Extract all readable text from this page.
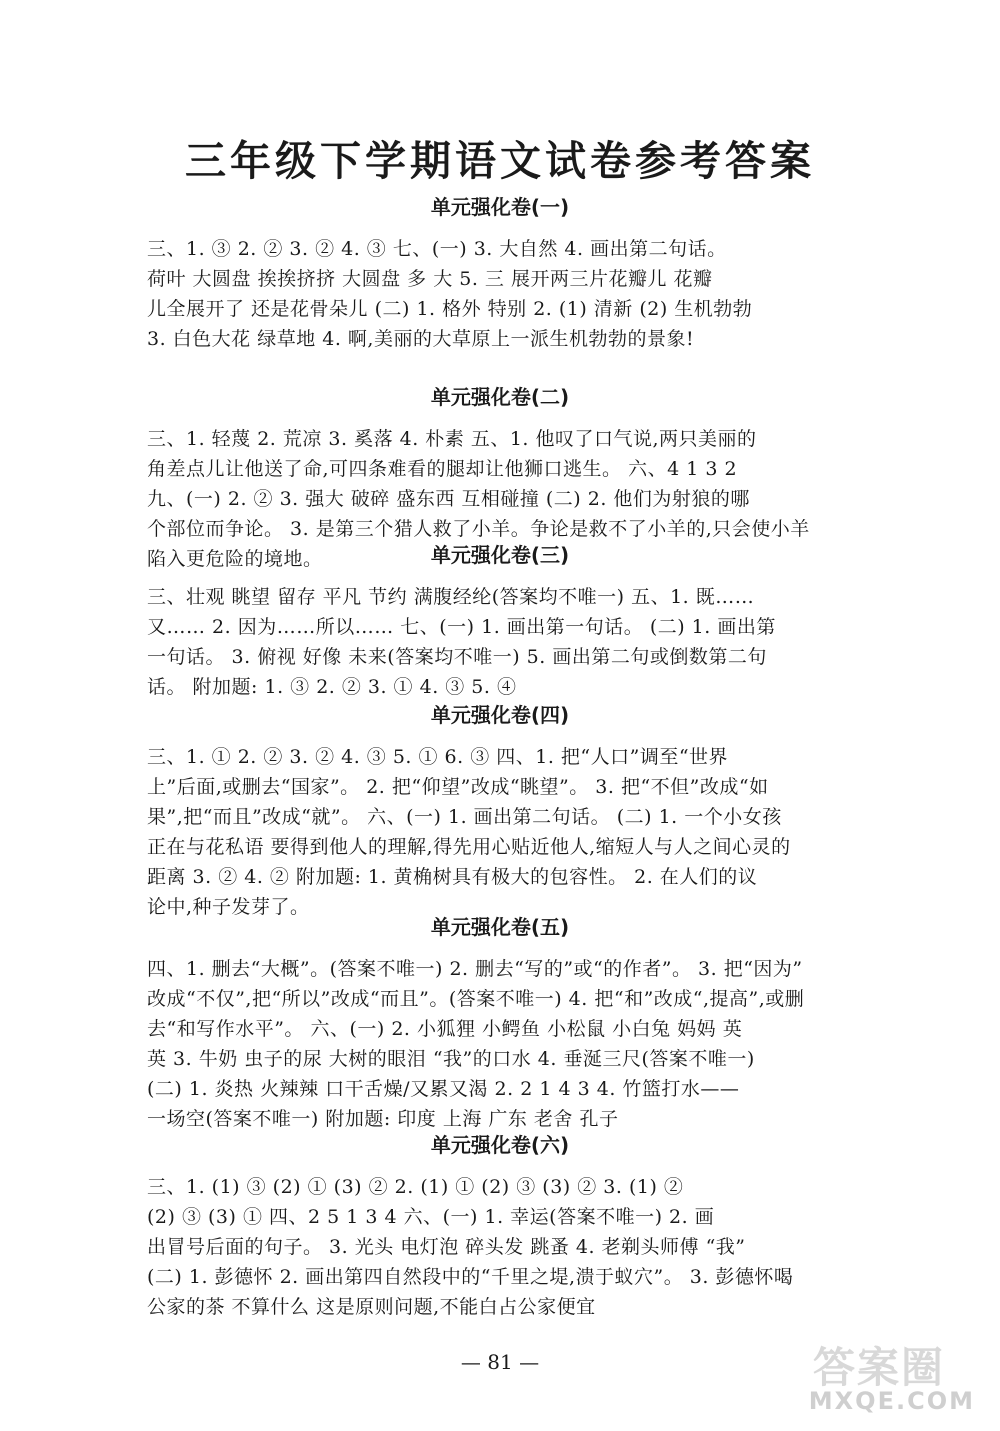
三年级下学期语文试卷参考答案
单元强化卷(一)
三、1. ③ 2. ② 3. ② 4. ③ 七、(一) 3. 大自然 4. 画出第二句话。
荷叶 大圆盘 挨挨挤挤 大圆盘 多 大 5. 三 展开两三片花瓣儿 花瓣
儿全展开了 还是花骨朵儿 (二) 1. 格外 特别 2. (1) 清新 (2) 生机勃勃
3. 白色大花 绿草地 4. 啊,美丽的大草原上一派生机勃勃的景象!
单元强化卷(二)
三、1. 轻蔑 2. 荒凉 3. 奚落 4. 朴素 五、1. 他叹了口气说,两只美丽的
角差点儿让他送了命,可四条难看的腿却让他狮口逃生。 六、4 1 3 2
九、(一) 2. ② 3. 强大 破碎 盛东西 互相碰撞 (二) 2. 他们为射狼的哪
个部位而争论。 3. 是第三个猎人救了小羊。争论是救不了小羊的,只会使小羊
陷入更危险的境地。	单元强化卷(三)
三、壮观 眺望 留存 平凡 节约 满腹经纶(答案均不唯一) 五、1. 既……
又…… 2. 因为……所以…… 七、(一) 1. 画出第一句话。 (二) 1. 画出第
一句话。 3. 俯视 好像 未来(答案均不唯一) 5. 画出第二句或倒数第二句
话。 附加题: 1. ③ 2. ② 3. ① 4. ③ 5. ④
单元强化卷(四)
三、1. ① 2. ② 3. ② 4. ③ 5. ① 6. ③ 四、1. 把“人口”调至“世界
上”后面,或删去“国家”。 2. 把“仰望”改成“眺望”。 3. 把“不但”改成“如
果”,把“而且”改成“就”。 六、(一) 1. 画出第二句话。 (二) 1. 一个小女孩
正在与花私语 要得到他人的理解,得先用心贴近他人,缩短人与人之间心灵的
距离 3. ② 4. ② 附加题: 1. 黄桷树具有极大的包容性。 2. 在人们的议
论中,种子发芽了。
单元强化卷(五)
四、1. 删去“大概”。(答案不唯一) 2. 删去“写的”或“的作者”。 3. 把“因为”
改成“不仅”,把“所以”改成“而且”。(答案不唯一) 4. 把“和”改成“,提高”,或删
去“和写作水平”。 六、(一) 2. 小狐狸 小鳄鱼 小松鼠 小白兔 妈妈 英
英 3. 牛奶 虫子的尿 大树的眼泪 “我”的口水 4. 垂涎三尺(答案不唯一)
(二) 1. 炎热 火辣辣 口干舌燥/又累又渴 2. 2 1 4 3 4. 竹篮打水——
一场空(答案不唯一) 附加题: 印度 上海 广东 老舍 孔子
单元强化卷(六)
三、1. (1) ③ (2) ① (3) ② 2. (1) ① (2) ③ (3) ② 3. (1) ②
(2) ③ (3) ① 四、2 5 1 3 4 六、(一) 1. 幸运(答案不唯一) 2. 画
出冒号后面的句子。 3. 光头 电灯泡 碎头发 跳蚤 4. 老剃头师傅 “我”
(二) 1. 彭德怀 2. 画出第四自然段中的“千里之堤,溃于蚁穴”。 3. 彭德怀喝
公家的茶 不算什么 这是原则问题,不能白占公家便宜
— 81 —	答案圈
MXQE.COM
